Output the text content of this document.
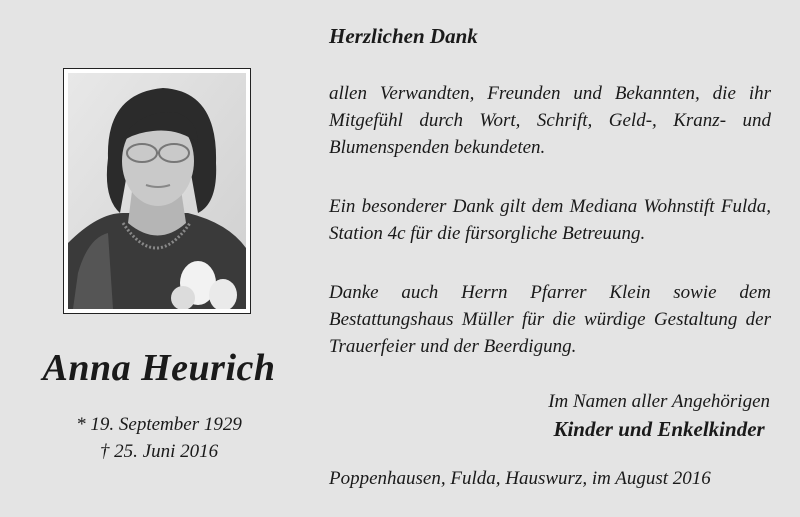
Anna Heurich
* 19. September 1929
† 25. Juni 2016
Herzlichen Dank
allen Verwandten, Freunden und Bekannten, die ihr Mitgefühl durch Wort, Schrift, Geld-, Kranz- und Blumenspenden bekundeten.
Ein besonderer Dank gilt dem Mediana Wohnstift Fulda, Station 4c für die fürsorgliche Betreuung.
Danke auch Herrn Pfarrer Klein sowie dem Bestattungshaus Müller für die würdige Gestaltung der Trauerfeier und der Beerdigung.
Im Namen aller Angehörigen
Kinder und Enkelkinder
Poppenhausen, Fulda, Hauswurz, im August 2016
